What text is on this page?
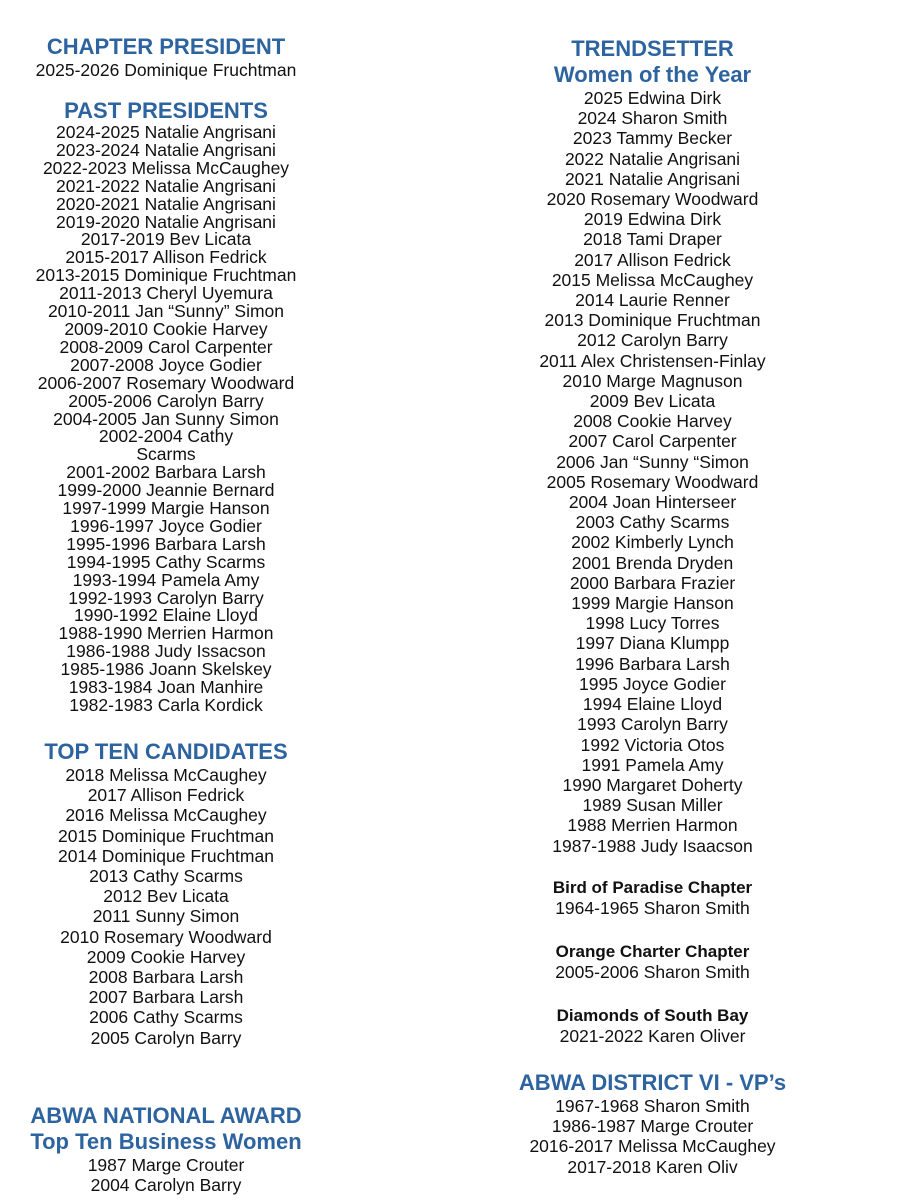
CHAPTER PRESIDENT
2025-2026 Dominique Fruchtman
PAST PRESIDENTS
2024-2025 Natalie Angrisani
2023-2024 Natalie Angrisani
2022-2023 Melissa McCaughey
2021-2022 Natalie Angrisani
2020-2021 Natalie Angrisani
2019-2020 Natalie Angrisani
2017-2019 Bev Licata
2015-2017 Allison Fedrick
2013-2015 Dominique Fruchtman
2011-2013 Cheryl Uyemura
2010-2011 Jan “Sunny” Simon
2009-2010 Cookie Harvey
2008-2009 Carol Carpenter
2007-2008 Joyce Godier
2006-2007 Rosemary Woodward
2005-2006 Carolyn Barry
2004-2005 Jan Sunny Simon
2002-2004 Cathy
Scarms
2001-2002 Barbara Larsh
1999-2000 Jeannie Bernard
1997-1999 Margie Hanson
1996-1997 Joyce Godier
1995-1996 Barbara Larsh
1994-1995 Cathy Scarms
1993-1994 Pamela Amy
1992-1993 Carolyn Barry
1990-1992 Elaine Lloyd
1988-1990 Merrien Harmon
1986-1988 Judy Issacson
1985-1986 Joann Skelskey
1983-1984 Joan Manhire
1982-1983 Carla Kordick
TOP TEN CANDIDATES
2018 Melissa McCaughey
2017 Allison Fedrick
2016 Melissa McCaughey
2015 Dominique Fruchtman
2014 Dominique Fruchtman
2013 Cathy Scarms
2012 Bev Licata
2011 Sunny Simon
2010 Rosemary Woodward
2009 Cookie Harvey
2008 Barbara Larsh
2007 Barbara Larsh
2006 Cathy Scarms
2005 Carolyn Barry
ABWA NATIONAL AWARD
Top Ten Business Women
1987 Marge Crouter
2004 Carolyn Barry
TRENDSETTER
Women of the Year
2025 Edwina Dirk
2024 Sharon Smith
2023 Tammy Becker
2022 Natalie Angrisani
2021 Natalie Angrisani
2020 Rosemary Woodward
2019 Edwina Dirk
2018 Tami Draper
2017 Allison Fedrick
2015 Melissa McCaughey
2014 Laurie Renner
2013 Dominique Fruchtman
2012 Carolyn Barry
2011 Alex Christensen-Finlay
2010 Marge Magnuson
2009 Bev Licata
2008 Cookie Harvey
2007 Carol Carpenter
2006 Jan “Sunny “Simon
2005 Rosemary Woodward
2004 Joan Hinterseer
2003 Cathy Scarms
2002 Kimberly Lynch
2001 Brenda Dryden
2000 Barbara Frazier
1999 Margie Hanson
1998 Lucy Torres
1997 Diana Klumpp
1996 Barbara Larsh
1995 Joyce Godier
1994 Elaine Lloyd
1993 Carolyn Barry
1992 Victoria Otos
1991 Pamela Amy
1990 Margaret Doherty
1989 Susan Miller
1988 Merrien Harmon
1987-1988 Judy Isaacson
Bird of Paradise Chapter
1964-1965 Sharon Smith
Orange Charter Chapter
2005-2006 Sharon Smith
Diamonds of South Bay
2021-2022 Karen Oliver
ABWA DISTRICT VI - VP’s
1967-1968 Sharon Smith
1986-1987 Marge Crouter
2016-2017 Melissa McCaughey
2017-2018 Karen Oliv
